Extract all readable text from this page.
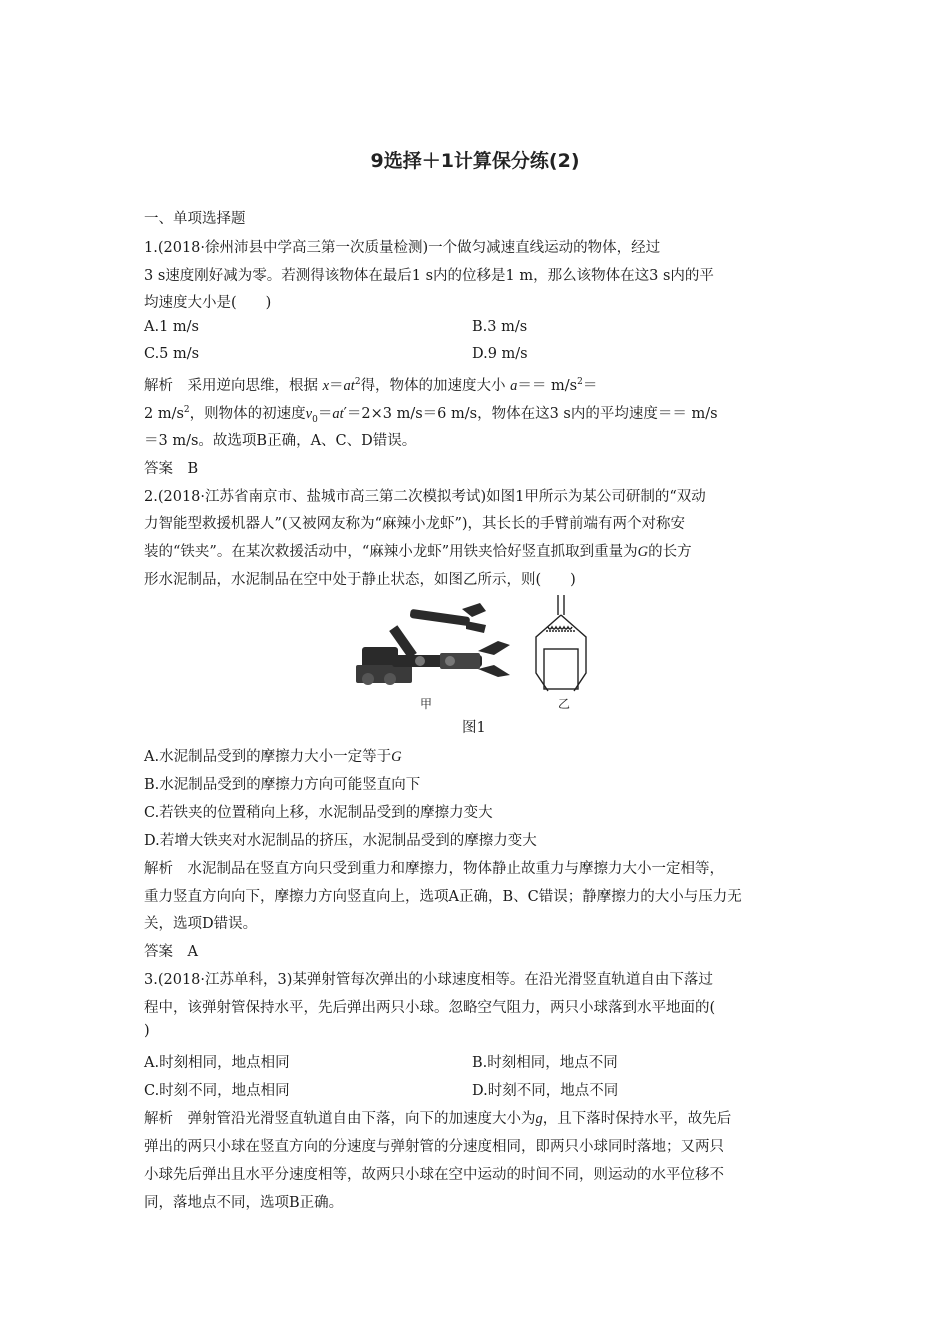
9选择＋1计算保分练(2)
一、单项选择题
1.(2018·徐州沛县中学高三第一次质量检测)一个做匀减速直线运动的物体，经过
3 s速度刚好减为零。若测得该物体在最后1 s内的位移是1 m，那么该物体在这3 s内的平
均速度大小是(　　)
A.1 m/s	B.3 m/s
C.5 m/s	D.9 m/s
解析　采用逆向思维，根据 $x=at^2$得，物体的加速度大小 $a== m/s^2=$
2 $m/s^2$，则物体的初速度$v_0=at'=2\times 3$ m/s＝6 m/s，物体在这3 s内的平均速度＝＝ m/s
＝3 m/s。故选项B正确，A、C、D错误。
答案　B
2.(2018·江苏省南京市、盐城市高三第二次模拟考试)如图1甲所示为某公司研制的“双动
力智能型救援机器人”(又被网友称为“麻辣小龙虾”)，其长长的手臂前端有两个对称安
装的“铁夹”。在某次救援活动中，“麻辣小龙虾”用铁夹恰好竖直抓取到重量为G的长方
形水泥制品，水泥制品在空中处于静止状态，如图乙所示，则(　　)
甲	乙
图1
A.水泥制品受到的摩擦力大小一定等于G
B.水泥制品受到的摩擦力方向可能竖直向下
C.若铁夹的位置稍向上移，水泥制品受到的摩擦力变大
D.若增大铁夹对水泥制品的挤压，水泥制品受到的摩擦力变大
解析　水泥制品在竖直方向只受到重力和摩擦力，物体静止故重力与摩擦力大小一定相等，
重力竖直方向向下，摩擦力方向竖直向上，选项A正确，B、C错误；静摩擦力的大小与压力无
关，选项D错误。
答案　A
3.(2018·江苏单科，3)某弹射管每次弹出的小球速度相等。在沿光滑竖直轨道自由下落过
程中，该弹射管保持水平，先后弹出两只小球。忽略空气阻力，两只小球落到水平地面的(
)
A.时刻相同，地点相同	B.时刻相同，地点不同
C.时刻不同，地点相同	D.时刻不同，地点不同
解析　弹射管沿光滑竖直轨道自由下落，向下的加速度大小为g，且下落时保持水平，故先后
弹出的两只小球在竖直方向的分速度与弹射管的分速度相同，即两只小球同时落地；又两只
小球先后弹出且水平分速度相等，故两只小球在空中运动的时间不同，则运动的水平位移不
同，落地点不同，选项B正确。
